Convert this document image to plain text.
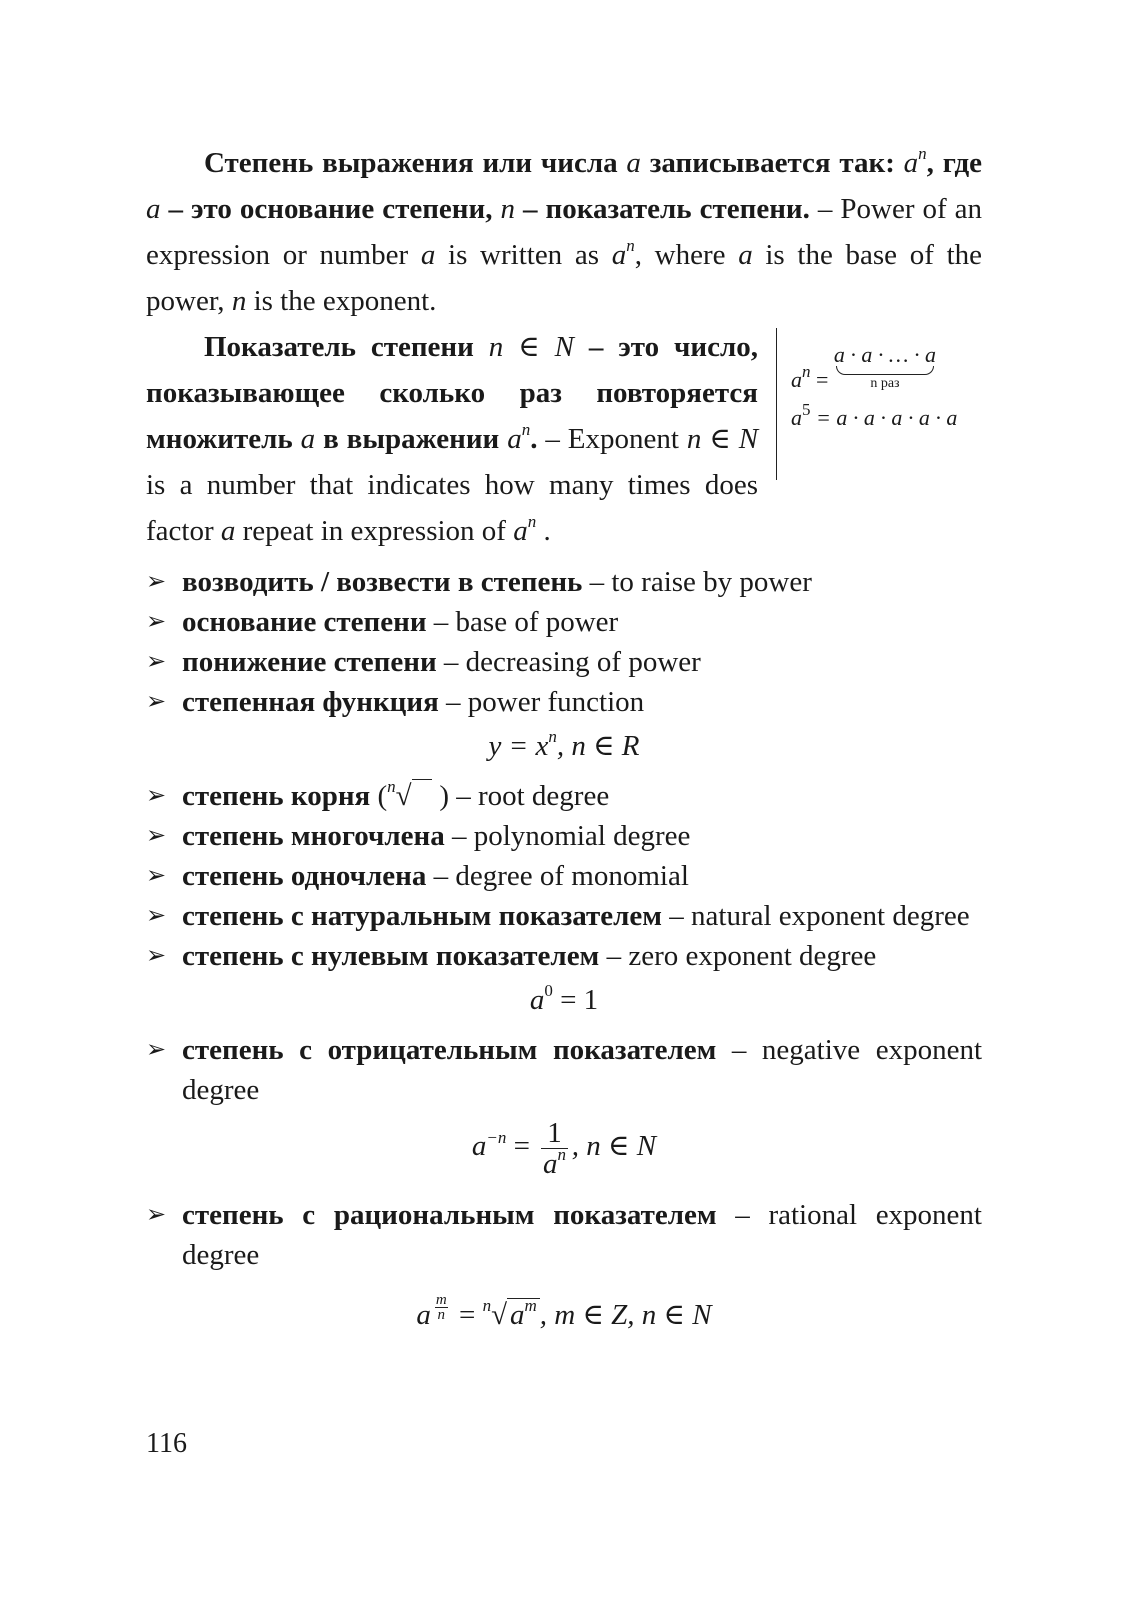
Степень выражения или числа a записывается так: $a^n$, где a – это основание степени, n – показатель степени. – Power of an expression or number a is written as $a^n$, where a is the base of the power, n is the exponent.

Показатель степени n ∈ N – это число, показывающее сколько раз повторяется множитель a в выражении $a^n$. – Exponent n ∈ N is a number that indicates how many times does factor a repeat in expression of $a^n$ .

$a^n = a \cdot a$ · … · a
n раз
$a^5 = a \cdot a \cdot a \cdot a \cdot a$
➢ возводить / возвести в степень – to raise by power
➢ основание степени – base of power
➢ понижение степени – decreasing of power
➢ степенная функция – power function
$y = x^n$, n ∈ R
➢ степень корня ($^n$√   ) – root degree
➢ степень многочлена – polynomial degree
➢ степень одночлена – degree of monomial
➢ степень с натуральным показателем – natural exponent degree
➢ степень с нулевым показателем – zero exponent degree
$a^0 = 1$
➢ степень с отрицательным показателем – negative exponent degree
$a^{-n} = \frac{1}{a^n}$ , n ∈ N
➢ степень с рациональным показателем – rational exponent degree
a $^{\frac{m}{n}}$ = $^n$√ $a^m$ , m ∈ Z, n ∈ N
116
